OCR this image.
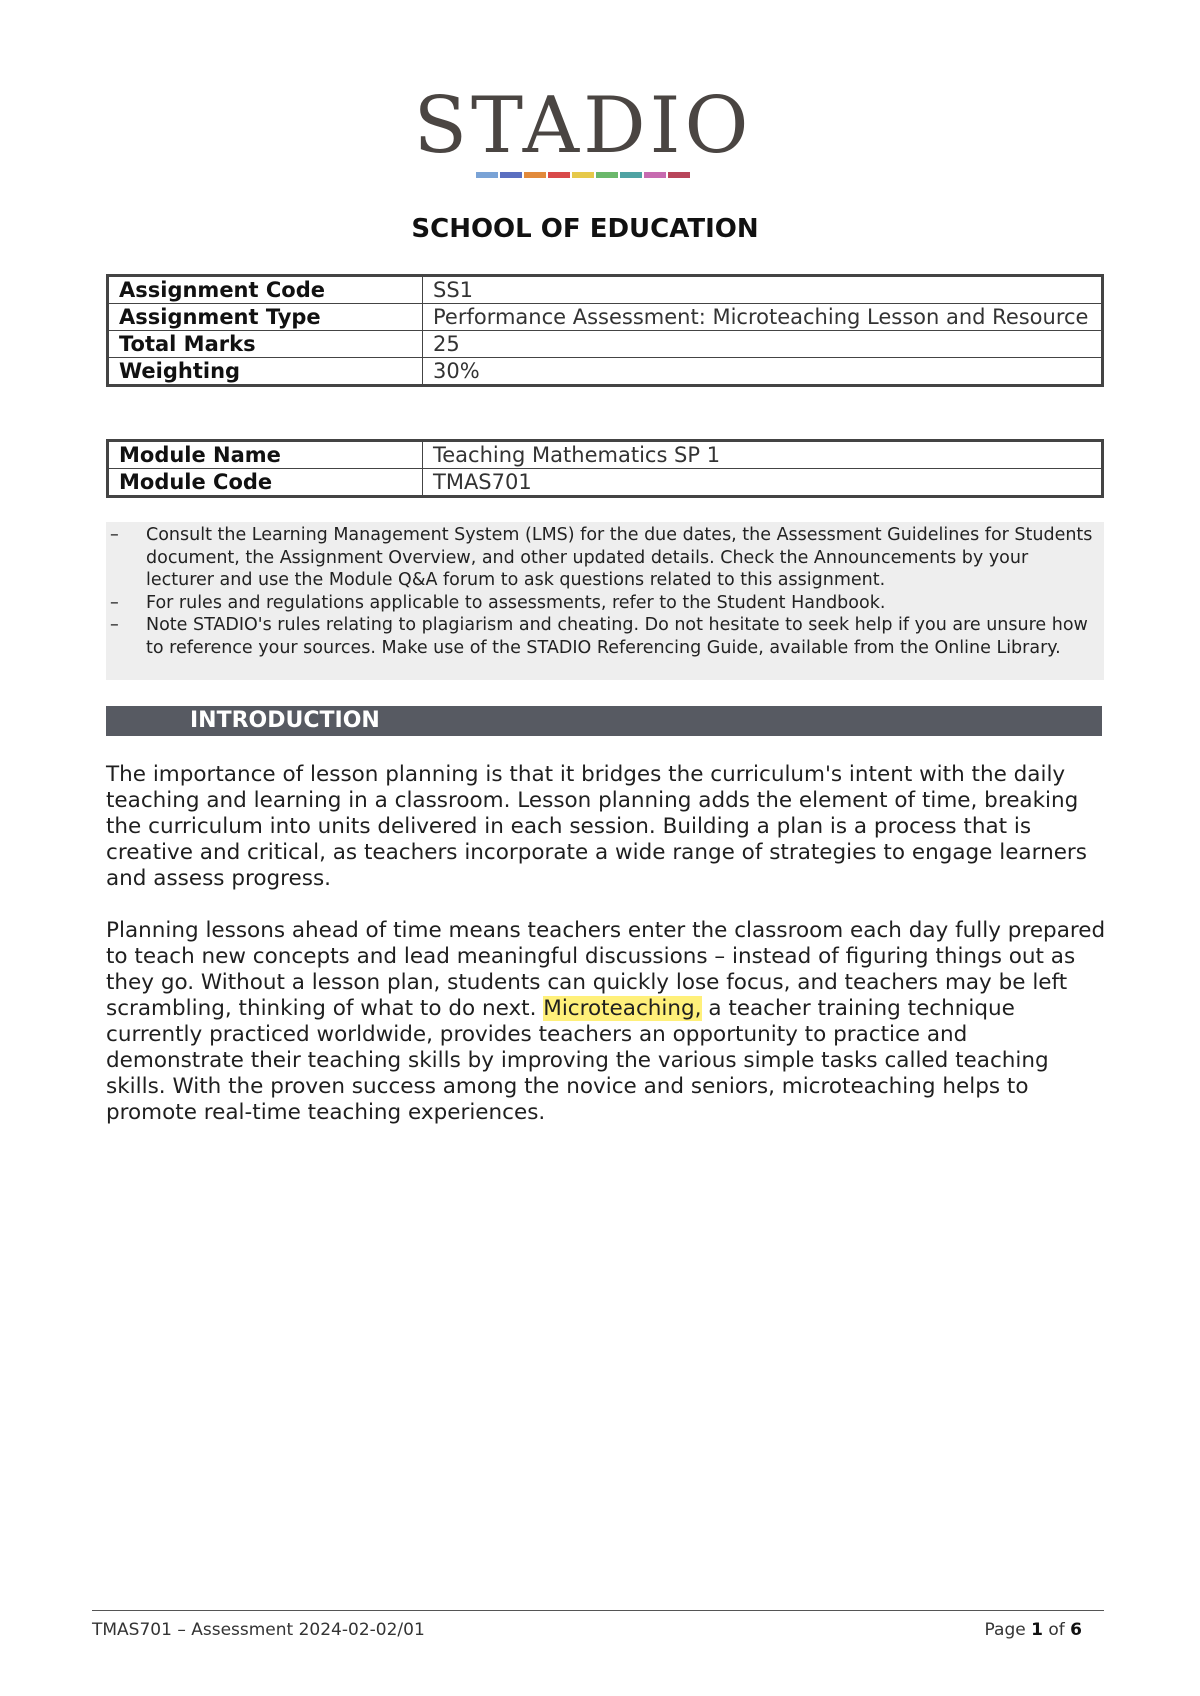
STADIO
SCHOOL OF EDUCATION
Assignment Code	SS1
Assignment Type	Performance Assessment: Microteaching Lesson and Resource
Total Marks	25
Weighting	30%
Module Name	Teaching Mathematics SP 1
Module Code	TMAS701
– Consult the Learning Management System (LMS) for the due dates, the Assessment Guidelines for Students document, the Assignment Overview, and other updated details. Check the Announcements by your lecturer and use the Module Q&A forum to ask questions related to this assignment.
– For rules and regulations applicable to assessments, refer to the Student Handbook.
– Note STADIO's rules relating to plagiarism and cheating. Do not hesitate to seek help if you are unsure how to reference your sources. Make use of the STADIO Referencing Guide, available from the Online Library.
INTRODUCTION
The importance of lesson planning is that it bridges the curriculum's intent with the daily teaching and learning in a classroom. Lesson planning adds the element of time, breaking the curriculum into units delivered in each session. Building a plan is a process that is creative and critical, as teachers incorporate a wide range of strategies to engage learners and assess progress.
Planning lessons ahead of time means teachers enter the classroom each day fully prepared to teach new concepts and lead meaningful discussions – instead of figuring things out as they go. Without a lesson plan, students can quickly lose focus, and teachers may be left scrambling, thinking of what to do next. Microteaching, a teacher training technique currently practiced worldwide, provides teachers an opportunity to practice and demonstrate their teaching skills by improving the various simple tasks called teaching skills. With the proven success among the novice and seniors, microteaching helps to promote real-time teaching experiences.
TMAS701 – Assessment 2024-02-02/01	Page 1 of 6
